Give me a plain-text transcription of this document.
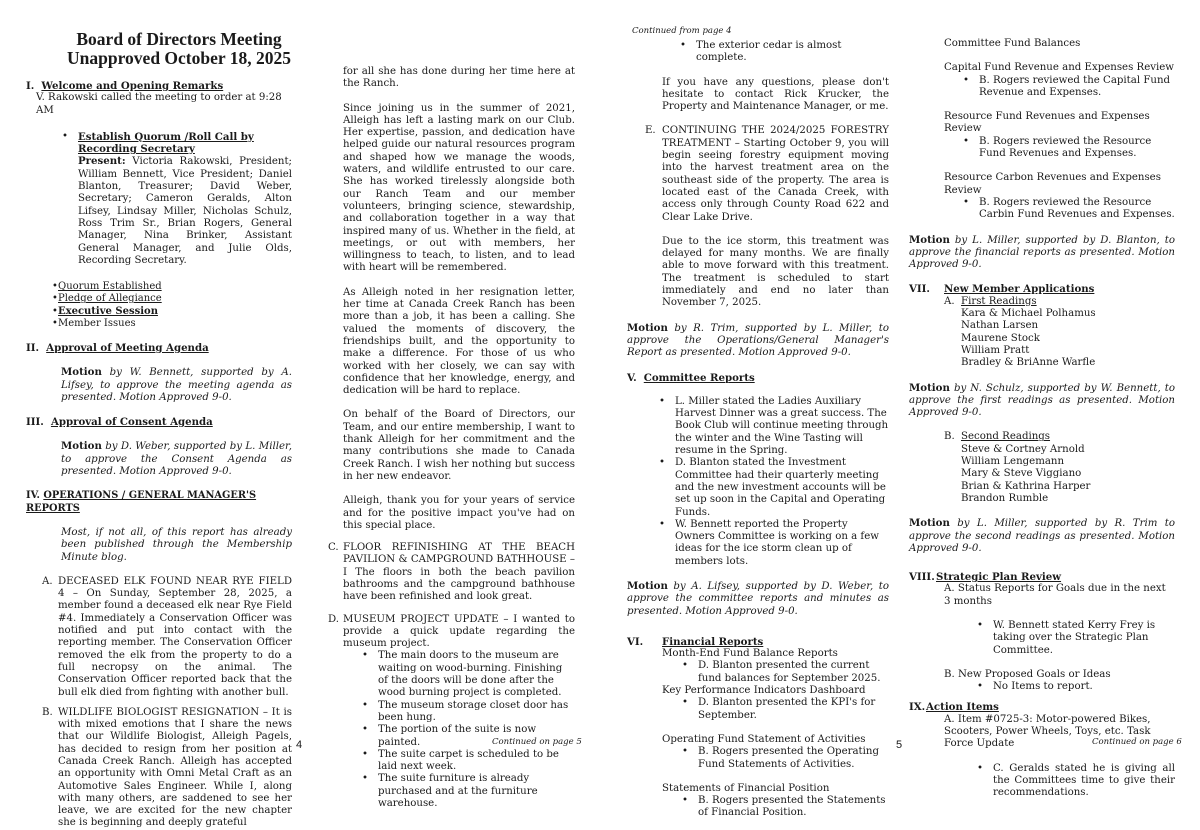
Board of Directors Meeting
Unapproved October 18, 2025
I. Welcome and Opening Remarks
V. Rakowski called the meeting to order at 9:28 AM
• Establish Quorum /Roll Call by Recording Secretary
Present: Victoria Rakowski, President; William Bennett, Vice President; Daniel Blanton, Treasurer; David Weber, Secretary; Cameron Geralds, Alton Lifsey, Lindsay Miller, Nicholas Schulz, Ross Trim Sr., Brian Rogers, General Manager, Nina Brinker, Assistant General Manager, and Julie Olds, Recording Secretary.
• Quorum Established
• Pledge of Allegiance
• Executive Session
• Member Issues
II. Approval of Meeting Agenda
Motion by W. Bennett, supported by A. Lifsey, to approve the meeting agenda as presented. Motion Approved 9-0.
III. Approval of Consent Agenda
Motion by D. Weber, supported by L. Miller, to approve the Consent Agenda as presented. Motion Approved 9-0.
IV. OPERATIONS / GENERAL MANAGER'S REPORTS
Most, if not all, of this report has already been published through the Membership Minute blog.
A. DECEASED ELK FOUND NEAR RYE FIELD 4 – On Sunday, September 28, 2025, a member found a deceased elk near Rye Field #4. Immediately a Conservation Officer was notified and put into contact with the reporting member. The Conservation Officer removed the elk from the property to do a full necropsy on the animal. The Conservation Officer reported back that the bull elk died from fighting with another bull.
B. WILDLIFE BIOLOGIST RESIGNATION – It is with mixed emotions that I share the news that our Wildlife Biologist, Alleigh Pagels, has decided to resign from her position at Canada Creek Ranch. Alleigh has accepted an opportunity with Omni Metal Craft as an Automotive Sales Engineer. While I, along with many others, are saddened to see her leave, we are excited for the new chapter she is beginning and deeply grateful
for all she has done during her time here at the Ranch.
Since joining us in the summer of 2021, Alleigh has left a lasting mark on our Club. Her expertise, passion, and dedication have helped guide our natural resources program and shaped how we manage the woods, waters, and wildlife entrusted to our care. She has worked tirelessly alongside both our Ranch Team and our member volunteers, bringing science, stewardship, and collaboration together in a way that inspired many of us. Whether in the field, at meetings, or out with members, her willingness to teach, to listen, and to lead with heart will be remembered.
As Alleigh noted in her resignation letter, her time at Canada Creek Ranch has been more than a job, it has been a calling. She valued the moments of discovery, the friendships built, and the opportunity to make a difference. For those of us who worked with her closely, we can say with confidence that her knowledge, energy, and dedication will be hard to replace.
On behalf of the Board of Directors, our Team, and our entire membership, I want to thank Alleigh for her commitment and the many contributions she made to Canada Creek Ranch. I wish her nothing but success in her new endeavor.
Alleigh, thank you for your years of service and for the positive impact you've had on this special place.
C. FLOOR REFINISHING AT THE BEACH PAVILION & CAMPGROUND BATHHOUSE – I The floors in both the beach pavilion bathrooms and the campground bathhouse have been refinished and look great.
D. MUSEUM PROJECT UPDATE – I wanted to provide a quick update regarding the museum project.
• The main doors to the museum are waiting on wood-burning. Finishing of the doors will be done after the wood burning project is completed.
• The museum storage closet door has been hung.
• The portion of the suite is now painted.
• The suite carpet is scheduled to be laid next week.
• The suite furniture is already purchased and at the furniture warehouse.
Continued on page 5
4
Continued from page 4
• The exterior cedar is almost complete.
If you have any questions, please don't hesitate to contact Rick Krucker, the Property and Maintenance Manager, or me.
E. CONTINUING THE 2024/2025 FORESTRY TREATMENT – Starting October 9, you will begin seeing forestry equipment moving into the harvest treatment area on the southeast side of the property. The area is located east of the Canada Creek, with access only through County Road 622 and Clear Lake Drive.
Due to the ice storm, this treatment was delayed for many months. We are finally able to move forward with this treatment. The treatment is scheduled to start immediately and end no later than November 7, 2025.
Motion by R. Trim, supported by L. Miller, to approve the Operations/General Manager's Report as presented. Motion Approved 9-0.
V. Committee Reports
• L. Miller stated the Ladies Auxiliary Harvest Dinner was a great success. The Book Club will continue meeting through the winter and the Wine Tasting will resume in the Spring.
• D. Blanton stated the Investment Committee had their quarterly meeting and the new investment accounts will be set up soon in the Capital and Operating Funds.
• W. Bennett reported the Property Owners Committee is working on a few ideas for the ice storm clean up of members lots.
Motion by A. Lifsey, supported by D. Weber, to approve the committee reports and minutes as presented. Motion Approved 9-0.
VI. Financial Reports
Month-End Fund Balance Reports
• D. Blanton presented the current fund balances for September 2025.
Key Performance Indicators Dashboard
• D. Blanton presented the KPI's for September.
Operating Fund Statement of Activities
• B. Rogers presented the Operating Fund Statements of Activities.
Statements of Financial Position
• B. Rogers presented the Statements of Financial Position.
5
Committee Fund Balances
Capital Fund Revenue and Expenses Review
• B. Rogers reviewed the Capital Fund Revenue and Expenses.
Resource Fund Revenues and Expenses Review
• B. Rogers reviewed the Resource Fund Revenues and Expenses.
Resource Carbon Revenues and Expenses Review
• B. Rogers reviewed the Resource Carbin Fund Revenues and Expenses.
Motion by L. Miller, supported by D. Blanton, to approve the financial reports as presented. Motion Approved 9-0.
VII. New Member Applications
A. First Readings
Kara & Michael Polhamus
Nathan Larsen
Maurene Stock
William Pratt
Bradley & BriAnne Warfle
Motion by N. Schulz, supported by W. Bennett, to approve the first readings as presented. Motion Approved 9-0.
B. Second Readings
Steve & Cortney Arnold
William Lengemann
Mary & Steve Viggiano
Brian & Kathrina Harper
Brandon Rumble
Motion by L. Miller, supported by R. Trim to approve the second readings as presented. Motion Approved 9-0.
VIII. Strategic Plan Review
A. Status Reports for Goals due in the next 3 months
• W. Bennett stated Kerry Frey is taking over the Strategic Plan Committee.
B. New Proposed Goals or Ideas
• No Items to report.
IX. Action Items
A. Item #0725-3: Motor-powered Bikes, Scooters, Power Wheels, Toys, etc. Task Force Update
• C. Geralds stated he is giving all the Committees time to give their recommendations.
Continued on page 6
